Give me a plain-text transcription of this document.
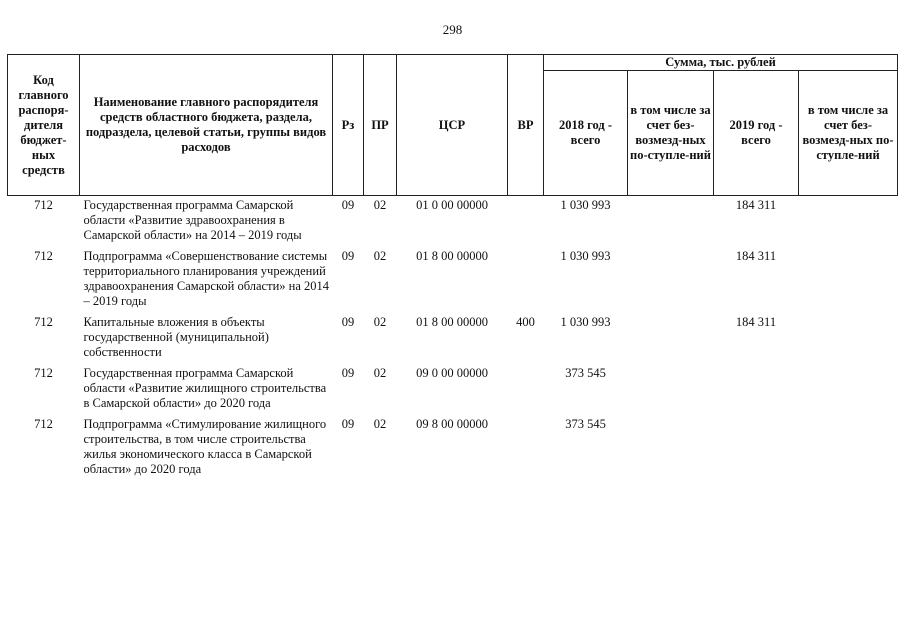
298
Код главного распоря-дителя бюджет-ных средств	Наименование главного распорядителя средств областного бюджета, раздела, подраздела, целевой статьи, группы видов расходов	Рз	ПР	ЦСР	ВР	Сумма, тыс. рублей			
						2018 год - всего	в том числе за счет без-возмезд-ных по-ступле-ний	2019 год - всего	в том числе за счет без-возмезд-ных по-ступле-ний
712	Государственная программа Самарской области «Развитие здравоохранения в Самарской области» на 2014 – 2019 годы	09	02	01 0 00 00000		1 030 993		184 311	
712	Подпрограмма «Совершенствование системы территориального планирования учреждений здравоохранения Самарской области» на 2014 – 2019 годы	09	02	01 8 00 00000		1 030 993		184 311	
712	Капитальные вложения в объекты государственной (муниципальной) собственности	09	02	01 8 00 00000	400	1 030 993		184 311	
712	Государственная программа Самарской области «Развитие жилищного строительства в Самарской области» до 2020 года	09	02	09 0 00 00000		373 545			
712	Подпрограмма «Стимулирование жилищного строительства, в том числе строительства жилья экономического класса в Самарской области» до 2020 года	09	02	09 8 00 00000		373 545			
